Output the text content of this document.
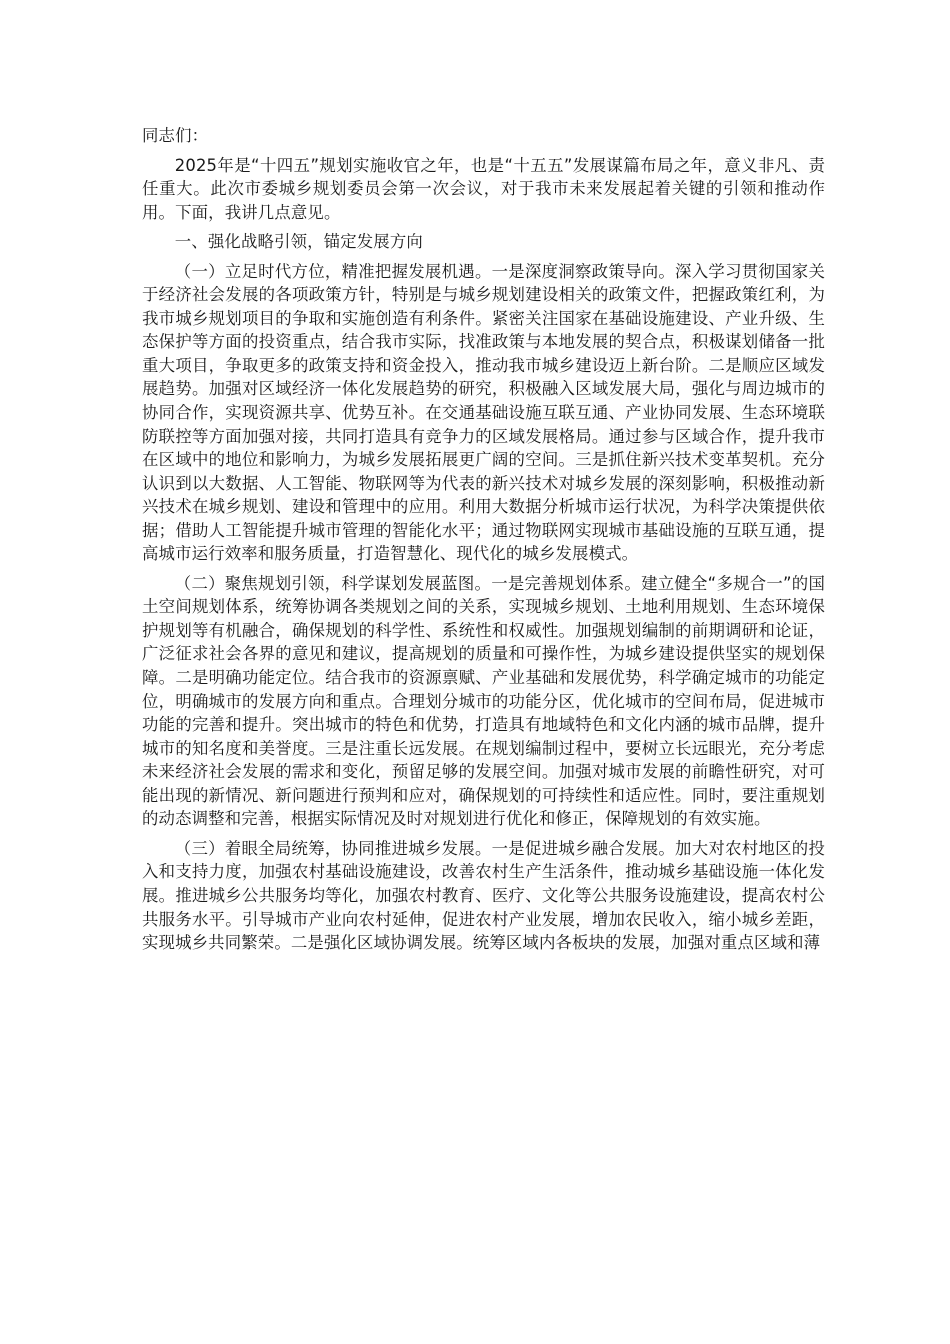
同志们：

2025年是“十四五”规划实施收官之年，也是“十五五”发展谋篇布局之年，意义非凡、责任重大。此次市委城乡规划委员会第一次会议，对于我市未来发展起着关键的引领和推动作用。下面，我讲几点意见。

一、强化战略引领，锚定发展方向

（一）立足时代方位，精准把握发展机遇。一是深度洞察政策导向。深入学习贯彻国家关于经济社会发展的各项政策方针，特别是与城乡规划建设相关的政策文件，把握政策红利，为我市城乡规划项目的争取和实施创造有利条件。紧密关注国家在基础设施建设、产业升级、生态保护等方面的投资重点，结合我市实际，找准政策与本地发展的契合点，积极谋划储备一批重大项目，争取更多的政策支持和资金投入，推动我市城乡建设迈上新台阶。二是顺应区域发展趋势。加强对区域经济一体化发展趋势的研究，积极融入区域发展大局，强化与周边城市的协同合作，实现资源共享、优势互补。在交通基础设施互联互通、产业协同发展、生态环境联防联控等方面加强对接，共同打造具有竞争力的区域发展格局。通过参与区域合作，提升我市在区域中的地位和影响力，为城乡发展拓展更广阔的空间。三是抓住新兴技术变革契机。充分认识到以大数据、人工智能、物联网等为代表的新兴技术对城乡发展的深刻影响，积极推动新兴技术在城乡规划、建设和管理中的应用。利用大数据分析城市运行状况，为科学决策提供依据；借助人工智能提升城市管理的智能化水平；通过物联网实现城市基础设施的互联互通，提高城市运行效率和服务质量，打造智慧化、现代化的城乡发展模式。

（二）聚焦规划引领，科学谋划发展蓝图。一是完善规划体系。建立健全“多规合一”的国土空间规划体系，统筹协调各类规划之间的关系，实现城乡规划、土地利用规划、生态环境保护规划等有机融合，确保规划的科学性、系统性和权威性。加强规划编制的前期调研和论证，广泛征求社会各界的意见和建议，提高规划的质量和可操作性，为城乡建设提供坚实的规划保障。二是明确功能定位。结合我市的资源禀赋、产业基础和发展优势，科学确定城市的功能定位，明确城市的发展方向和重点。合理划分城市的功能分区，优化城市的空间布局，促进城市功能的完善和提升。突出城市的特色和优势，打造具有地域特色和文化内涵的城市品牌，提升城市的知名度和美誉度。三是注重长远发展。在规划编制过程中，要树立长远眼光，充分考虑未来经济社会发展的需求和变化，预留足够的发展空间。加强对城市发展的前瞻性研究，对可能出现的新情况、新问题进行预判和应对，确保规划的可持续性和适应性。同时，要注重规划的动态调整和完善，根据实际情况及时对规划进行优化和修正，保障规划的有效实施。

（三）着眼全局统筹，协同推进城乡发展。一是促进城乡融合发展。加大对农村地区的投入和支持力度，加强农村基础设施建设，改善农村生产生活条件，推动城乡基础设施一体化发展。推进城乡公共服务均等化，加强农村教育、医疗、文化等公共服务设施建设，提高农村公共服务水平。引导城市产业向农村延伸，促进农村产业发展，增加农民收入，缩小城乡差距，实现城乡共同繁荣。二是强化区域协调发展。统筹区域内各板块的发展，加强对重点区域和薄
